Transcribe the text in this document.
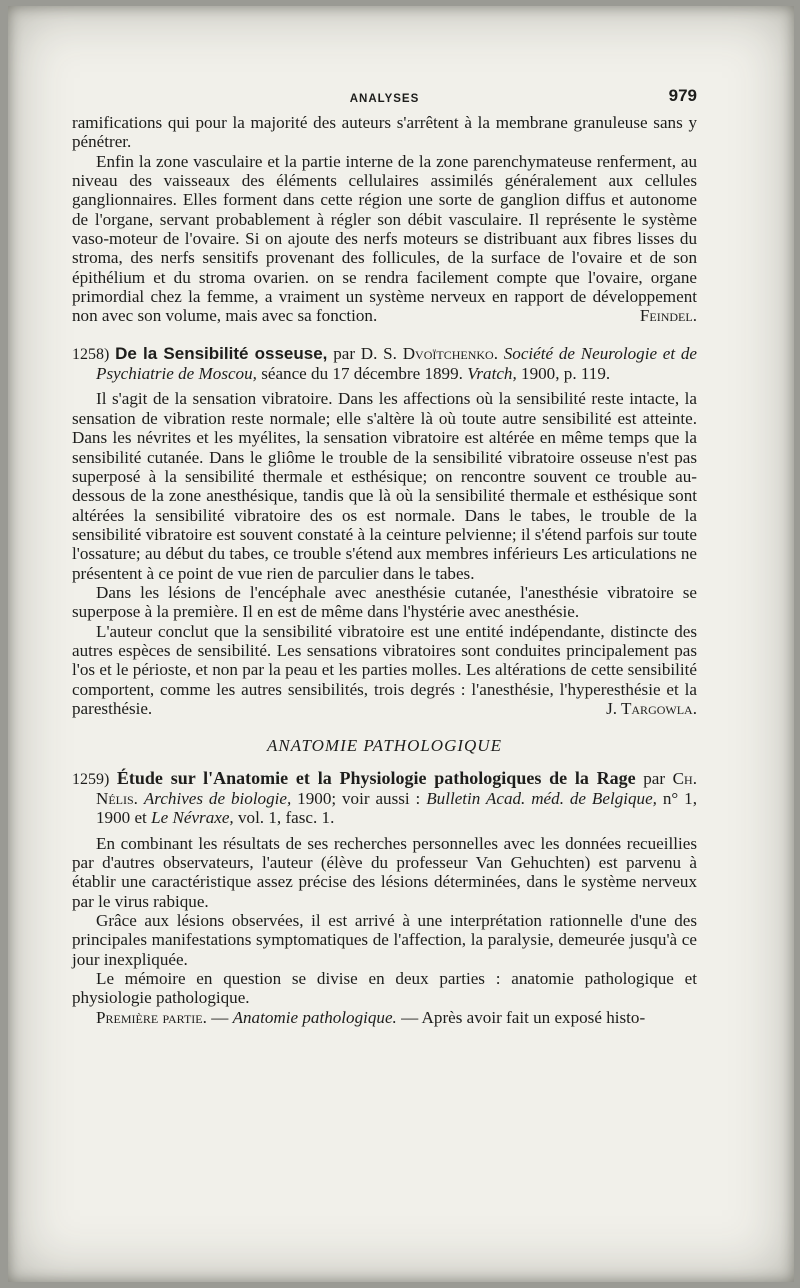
ANALYSES	979

ramifications qui pour la majorité des auteurs s'arrêtent à la membrane granuleuse sans y pénétrer.

Enfin la zone vasculaire et la partie interne de la zone parenchymateuse renferment, au niveau des vaisseaux des éléments cellulaires assimilés généralement aux cellules ganglionnaires. Elles forment dans cette région une sorte de ganglion diffus et autonome de l'organe, servant probablement à régler son débit vasculaire. Il représente le système vaso-moteur de l'ovaire. Si on ajoute des nerfs moteurs se distribuant aux fibres lisses du stroma, des nerfs sensitifs provenant des follicules, de la surface de l'ovaire et de son épithélium et du stroma ovarien. on se rendra facilement compte que l'ovaire, organe primordial chez la femme, a vraiment un système nerveux en rapport de développement non avec son volume, mais avec sa fonction.	Feindel.

1258) De la Sensibilité osseuse, par D. S. Dvoïtchenko. Société de Neurologie et de Psychiatrie de Moscou, séance du 17 décembre 1899. Vratch, 1900, p. 119.

Il s'agit de la sensation vibratoire. Dans les affections où la sensibilité reste intacte, la sensation de vibration reste normale; elle s'altère là où toute autre sensibilité est atteinte. Dans les névrites et les myélites, la sensation vibratoire est altérée en même temps que la sensibilité cutanée. Dans le gliôme le trouble de la sensibilité vibratoire osseuse n'est pas superposé à la sensibilité thermale et esthésique; on rencontre souvent ce trouble au-dessous de la zone anesthésique, tandis que là où la sensibilité thermale et esthésique sont altérées la sensibilité vibratoire des os est normale. Dans le tabes, le trouble de la sensibilité vibratoire est souvent constaté à la ceinture pelvienne; il s'étend parfois sur toute l'ossature; au début du tabes, ce trouble s'étend aux membres inférieurs Les articulations ne présentent à ce point de vue rien de parculier dans le tabes.

Dans les lésions de l'encéphale avec anesthésie cutanée, l'anesthésie vibratoire se superpose à la première. Il en est de même dans l'hystérie avec anesthésie.

L'auteur conclut que la sensibilité vibratoire est une entité indépendante, distincte des autres espèces de sensibilité. Les sensations vibratoires sont conduites principalement pas l'os et le périoste, et non par la peau et les parties molles. Les altérations de cette sensibilité comportent, comme les autres sensibilités, trois degrés : l'anesthésie, l'hyperesthésie et la paresthésie.	J. Targowla.

ANATOMIE PATHOLOGIQUE

1259) Étude sur l'Anatomie et la Physiologie pathologiques de la Rage par Ch. Nélis. Archives de biologie, 1900; voir aussi : Bulletin Acad. méd. de Belgique, n° 1, 1900 et Le Névraxe, vol. 1, fasc. 1.

En combinant les résultats de ses recherches personnelles avec les données recueillies par d'autres observateurs, l'auteur (élève du professeur Van Gehuchten) est parvenu à établir une caractéristique assez précise des lésions déterminées, dans le système nerveux par le virus rabique.

Grâce aux lésions observées, il est arrivé à une interprétation rationnelle d'une des principales manifestations symptomatiques de l'affection, la paralysie, demeurée jusqu'à ce jour inexpliquée.

Le mémoire en question se divise en deux parties : anatomie pathologique et physiologie pathologique.

Première partie. — Anatomie pathologique. — Après avoir fait un exposé histo-
